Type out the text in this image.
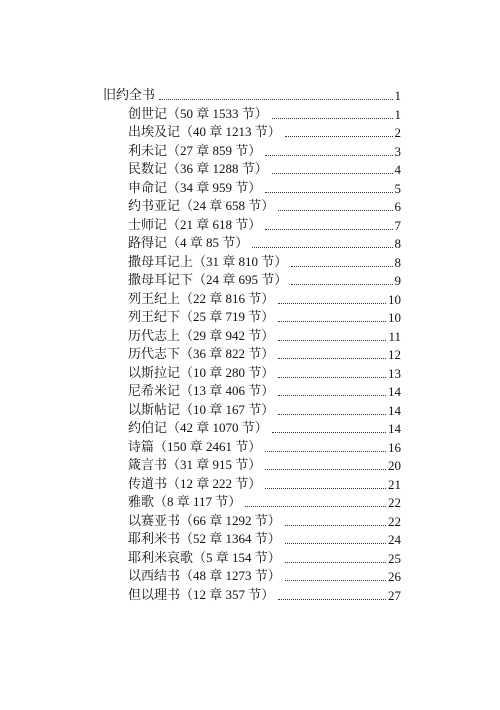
旧约全书	1
创世记（50 章 1533 节）	1
出埃及记（40 章 1213 节）	2
利未记（27 章 859 节）	3
民数记（36 章 1288 节）	4
申命记（34 章 959 节）	5
约书亚记（24 章 658 节）	6
士师记（21 章 618 节）	7
路得记（4 章 85 节）	8
撒母耳记上（31 章 810 节）	8
撒母耳记下（24 章 695 节）	9
列王纪上（22 章 816 节）	10
列王纪下（25 章 719 节）	10
历代志上（29 章 942 节）	11
历代志下（36 章 822 节）	12
以斯拉记（10 章 280 节）	13
尼希米记（13 章 406 节）	14
以斯帖记（10 章 167 节）	14
约伯记（42 章 1070 节）	14
诗篇（150 章 2461 节）	16
箴言书（31 章 915 节）	20
传道书（12 章 222 节）	21
雅歌（8 章 117 节）	22
以赛亚书（66 章 1292 节）	22
耶利米书（52 章 1364 节）	24
耶利米哀歌（5 章 154 节）	25
以西结书（48 章 1273 节）	26
但以理书（12 章 357 节）	27
